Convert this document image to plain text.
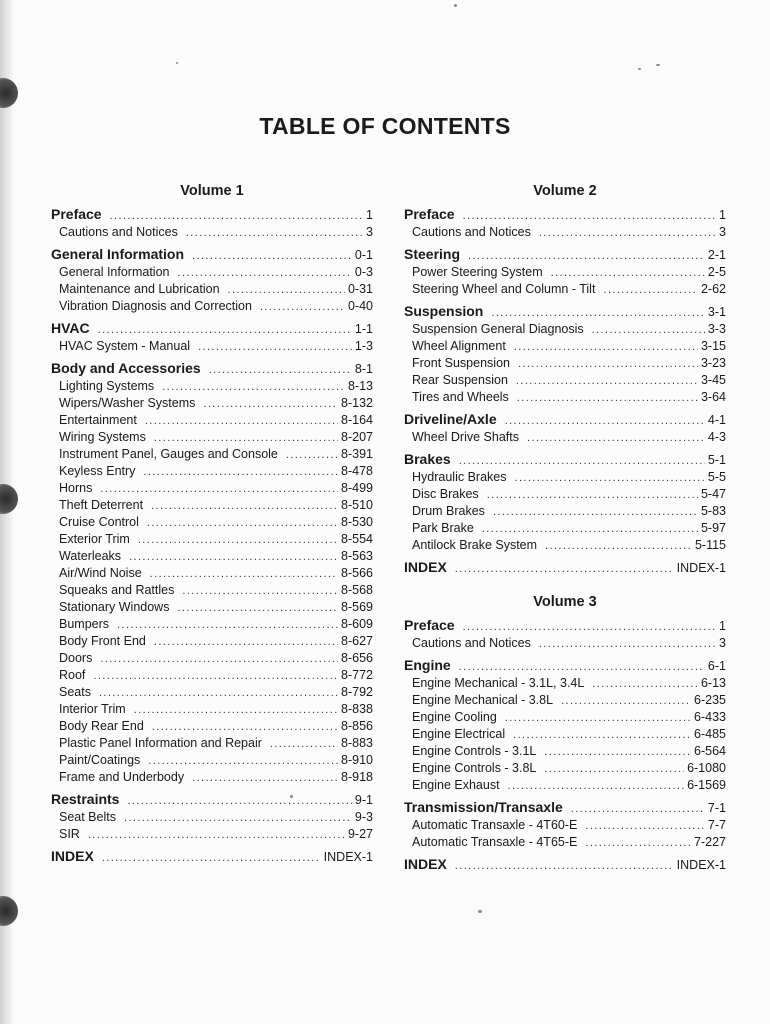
TABLE OF CONTENTS
Volume 1
Preface .....	1
Cautions and Notices .....	3
General Information .....	0-1
General Information .....	0-3
Maintenance and Lubrication .....	0-31
Vibration Diagnosis and Correction .....	0-40
HVAC .....	1-1
HVAC System - Manual .....	1-3
Body and Accessories .....	8-1
Lighting Systems .....	8-13
Wipers/Washer Systems .....	8-132
Entertainment .....	8-164
Wiring Systems .....	8-207
Instrument Panel, Gauges and Console .....	8-391
Keyless Entry .....	8-478
Horns .....	8-499
Theft Deterrent .....	8-510
Cruise Control .....	8-530
Exterior Trim .....	8-554
Waterleaks .....	8-563
Air/Wind Noise .....	8-566
Squeaks and Rattles .....	8-568
Stationary Windows .....	8-569
Bumpers .....	8-609
Body Front End .....	8-627
Doors .....	8-656
Roof .....	8-772
Seats .....	8-792
Interior Trim .....	8-838
Body Rear End .....	8-856
Plastic Panel Information and Repair .....	8-883
Paint/Coatings .....	8-910
Frame and Underbody .....	8-918
Restraints .....	9-1
Seat Belts .....	9-3
SIR .....	9-27
INDEX .....	INDEX-1
Volume 2
Preface .....	1
Cautions and Notices .....	3
Steering .....	2-1
Power Steering System .....	2-5
Steering Wheel and Column - Tilt .....	2-62
Suspension .....	3-1
Suspension General Diagnosis .....	3-3
Wheel Alignment .....	3-15
Front Suspension .....	3-23
Rear Suspension .....	3-45
Tires and Wheels .....	3-64
Driveline/Axle .....	4-1
Wheel Drive Shafts .....	4-3
Brakes .....	5-1
Hydraulic Brakes .....	5-5
Disc Brakes .....	5-47
Drum Brakes .....	5-83
Park Brake .....	5-97
Antilock Brake System .....	5-115
INDEX .....	INDEX-1
Volume 3
Preface .....	1
Cautions and Notices .....	3
Engine .....	6-1
Engine Mechanical - 3.1L, 3.4L .....	6-13
Engine Mechanical - 3.8L .....	6-235
Engine Cooling .....	6-433
Engine Electrical .....	6-485
Engine Controls - 3.1L .....	6-564
Engine Controls - 3.8L .....	6-1080
Engine Exhaust .....	6-1569
Transmission/Transaxle .....	7-1
Automatic Transaxle - 4T60-E .....	7-7
Automatic Transaxle - 4T65-E .....	7-227
INDEX .....	INDEX-1
